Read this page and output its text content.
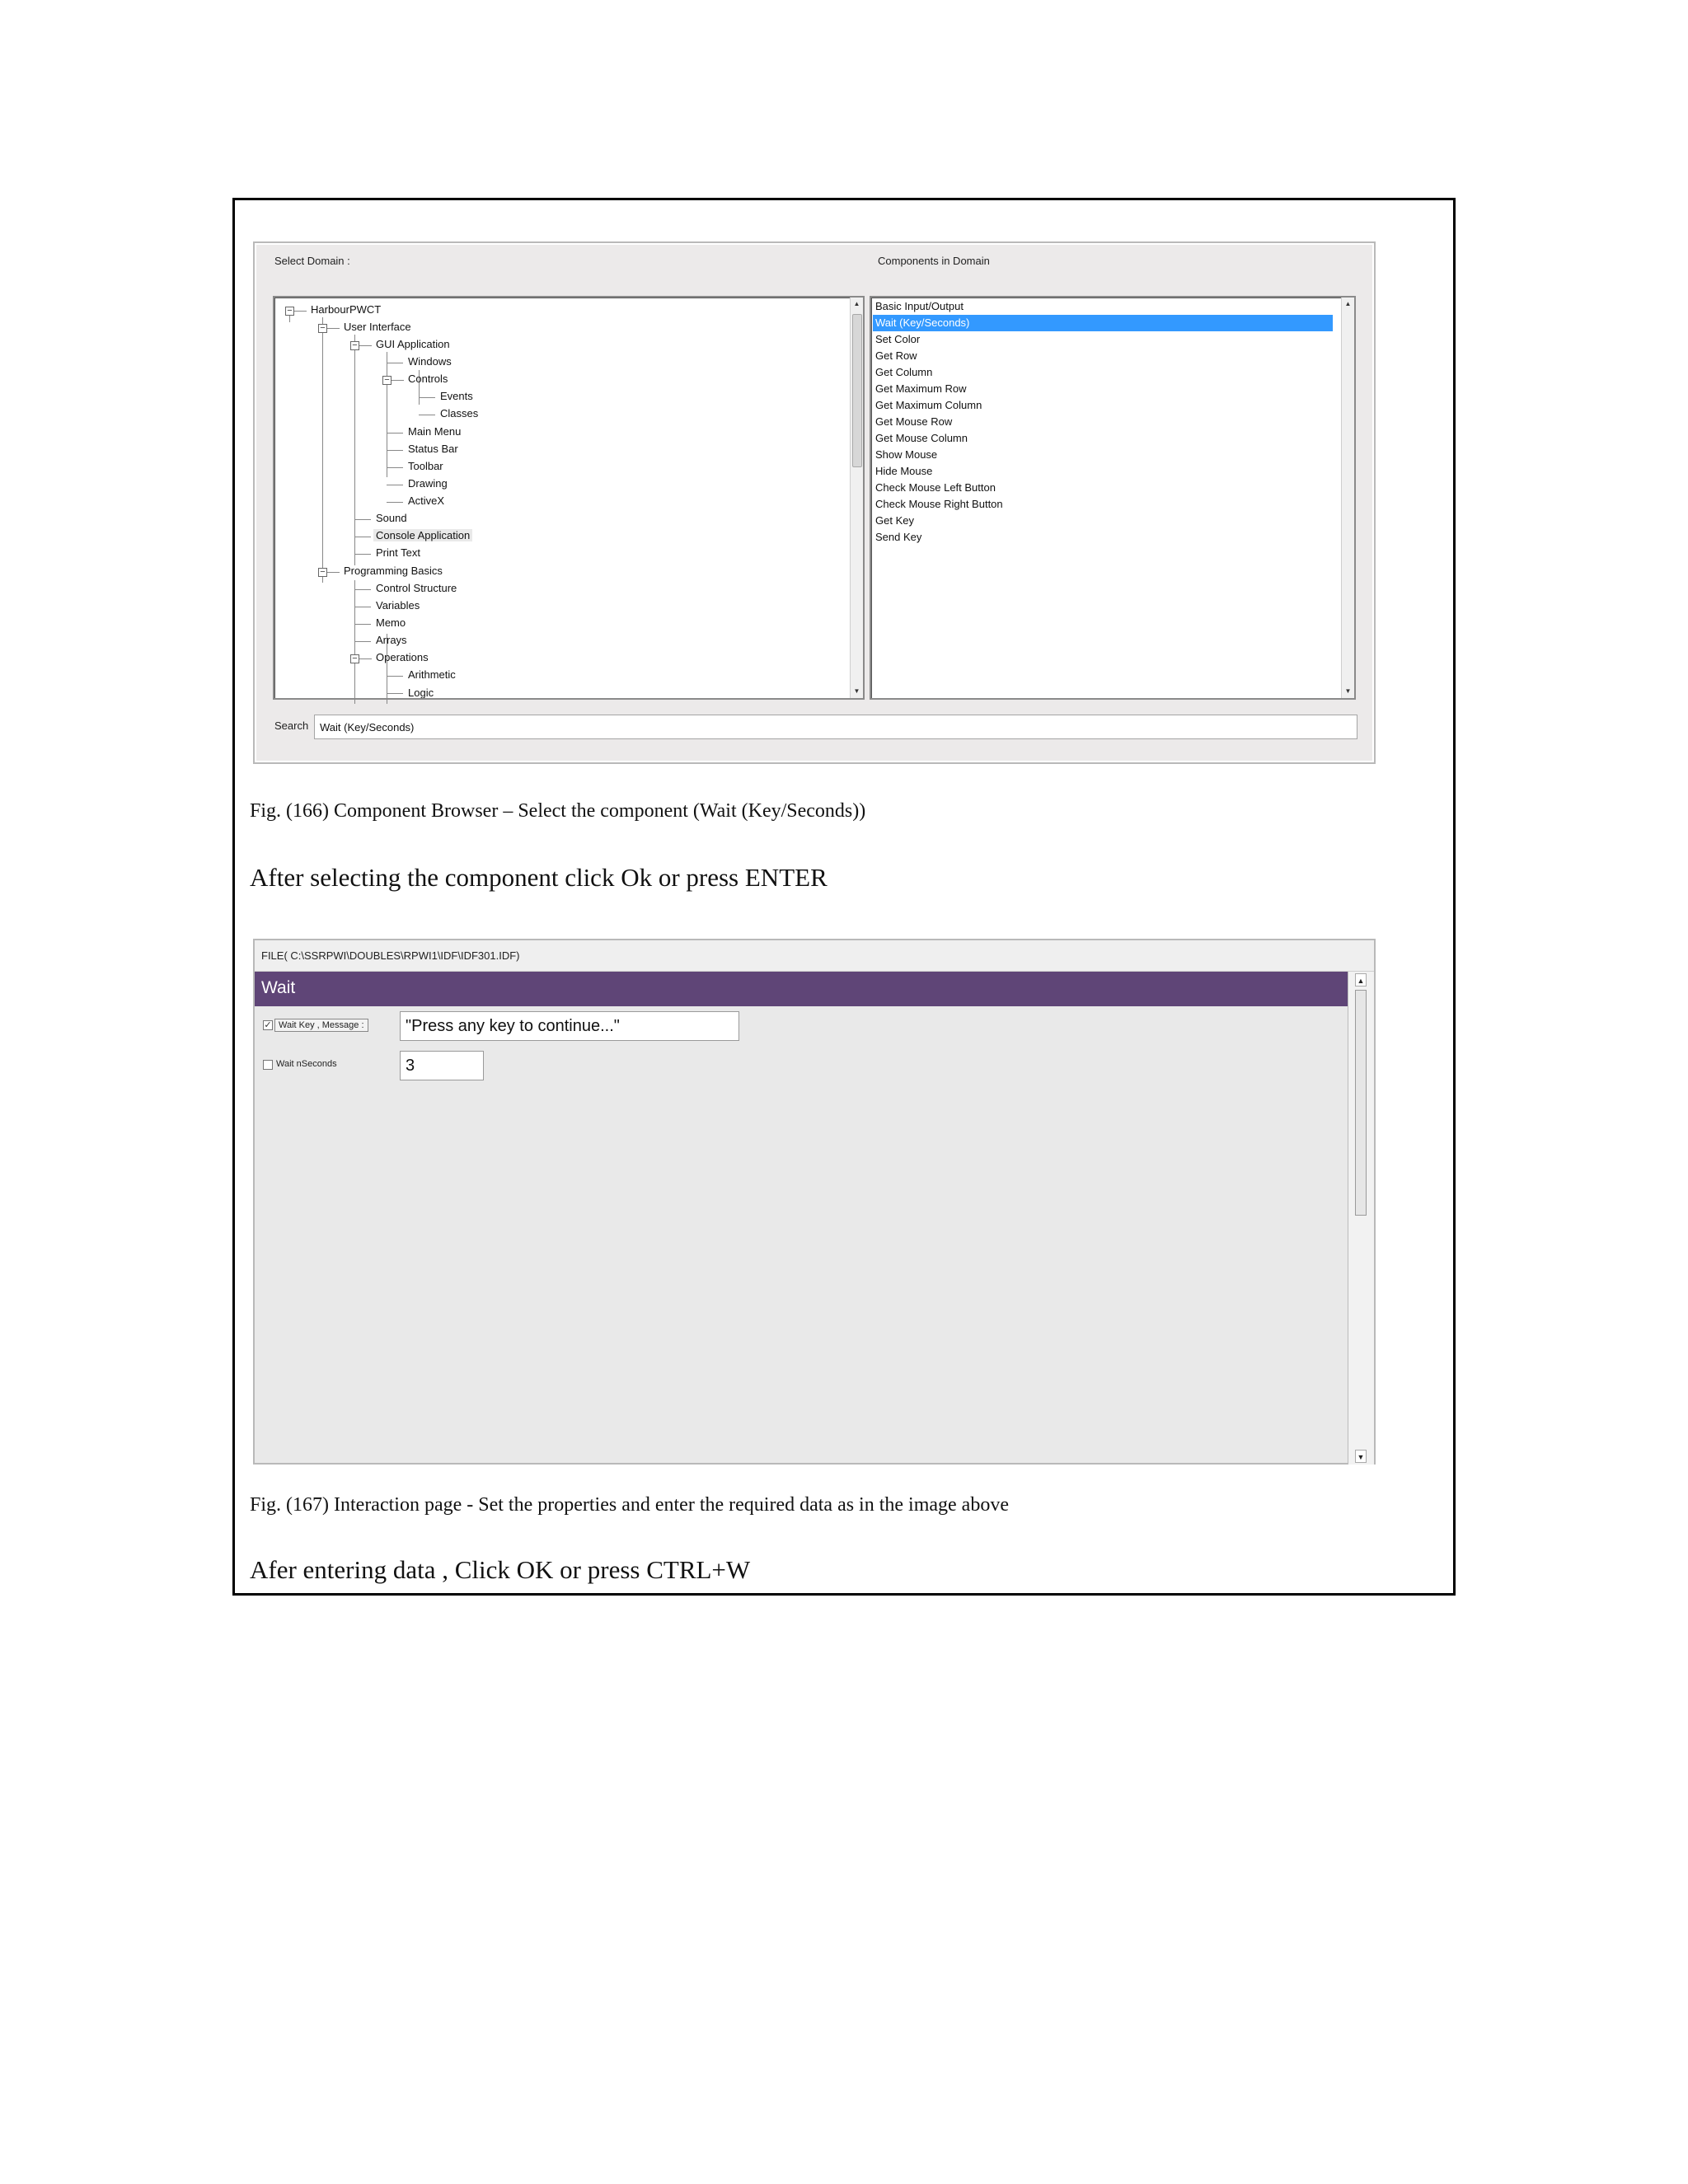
Select Domain :	Components in Domain
−
−
−
−
−
−
HarbourPWCT
User Interface
GUI Application
Windows
Controls
Events
Classes
Main Menu
Status Bar
Toolbar
Drawing
ActiveX
Sound
Console Application
Print Text
Programming Basics
Control Structure
Variables
Memo
Arrays
Operations
Arithmetic
Logic
▲
▼
Basic Input/Output
Wait (Key/Seconds)
Set Color
Get Row
Get Column
Get Maximum Row
Get Maximum Column
Get Mouse Row
Get Mouse Column
Show Mouse
Hide Mouse
Check Mouse Left Button
Check Mouse Right Button
Get Key
Send Key
▲
▼
Search
Wait (Key/Seconds)
Fig. (166) Component Browser – Select the component (Wait (Key/Seconds))
After selecting the component click Ok or press ENTER
FILE( C:\SSRPWI\DOUBLES\RPWI1\IDF\IDF301.IDF)
Wait
✓ Wait Key , Message :
"Press any key to continue..."
Wait nSeconds
3
▲
▼
Fig. (167) Interaction page - Set the properties and enter the required data as in the image above
Afer entering data , Click OK or press CTRL+W
